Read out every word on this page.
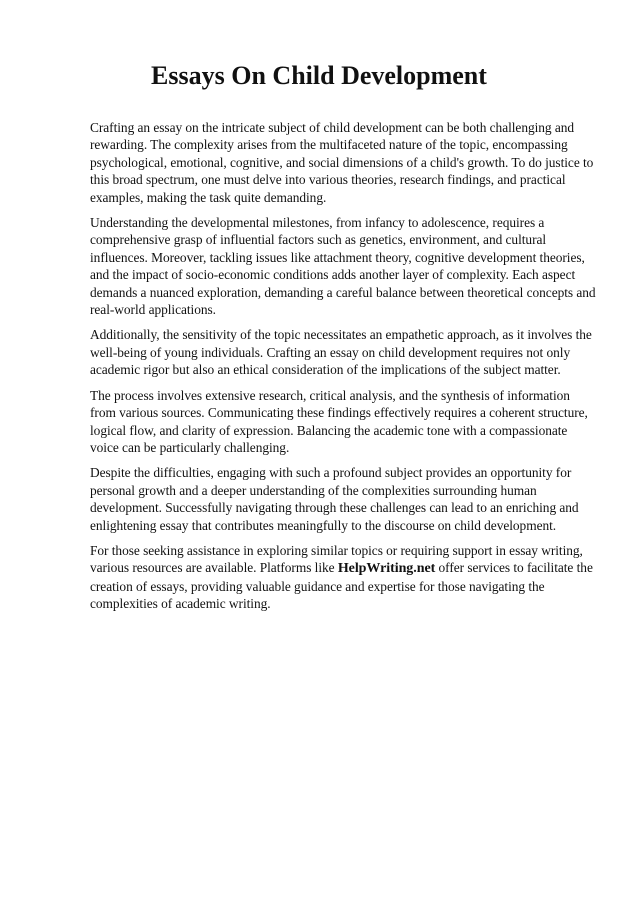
Essays On Child Development

Crafting an essay on the intricate subject of child development can be both challenging and rewarding. The complexity arises from the multifaceted nature of the topic, encompassing psychological, emotional, cognitive, and social dimensions of a child's growth. To do justice to this broad spectrum, one must delve into various theories, research findings, and practical examples, making the task quite demanding.

Understanding the developmental milestones, from infancy to adolescence, requires a comprehensive grasp of influential factors such as genetics, environment, and cultural influences. Moreover, tackling issues like attachment theory, cognitive development theories, and the impact of socio-economic conditions adds another layer of complexity. Each aspect demands a nuanced exploration, demanding a careful balance between theoretical concepts and real-world applications.

Additionally, the sensitivity of the topic necessitates an empathetic approach, as it involves the well-being of young individuals. Crafting an essay on child development requires not only academic rigor but also an ethical consideration of the implications of the subject matter.

The process involves extensive research, critical analysis, and the synthesis of information from various sources. Communicating these findings effectively requires a coherent structure, logical flow, and clarity of expression. Balancing the academic tone with a compassionate voice can be particularly challenging.

Despite the difficulties, engaging with such a profound subject provides an opportunity for personal growth and a deeper understanding of the complexities surrounding human development. Successfully navigating through these challenges can lead to an enriching and enlightening essay that contributes meaningfully to the discourse on child development.

For those seeking assistance in exploring similar topics or requiring support in essay writing, various resources are available. Platforms like HelpWriting.net offer services to facilitate the creation of essays, providing valuable guidance and expertise for those navigating the complexities of academic writing.
